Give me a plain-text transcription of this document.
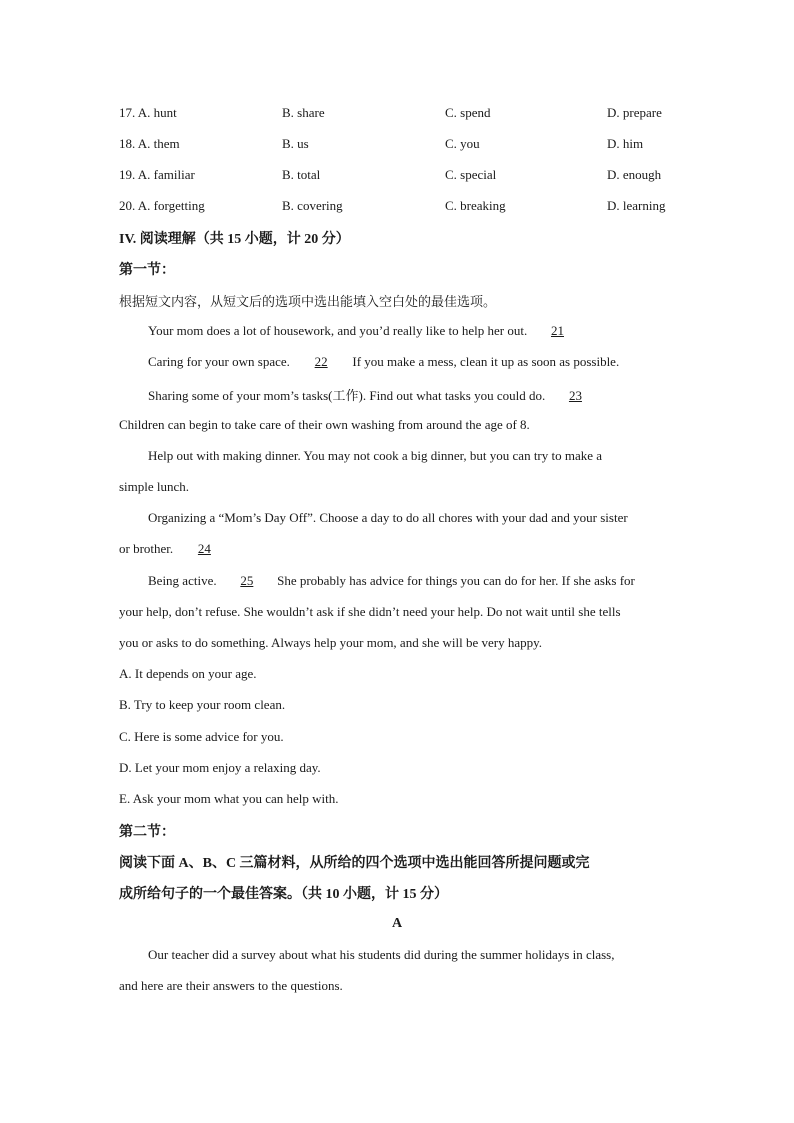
17. A. hunt	B. share	C. spend	D. prepare
18. A. them	B. us	C. you	D. him
19. A. familiar	B. total	C. special	D. enough
20. A. forgetting	B. covering	C. breaking	D. learning
IV. 阅读理解（共 15 小题，计 20 分）
第一节：
根据短文内容，从短文后的选项中选出能填入空白处的最佳选项。
Your mom does a lot of housework, and you’d really like to help her out. 21
Caring for your own space. 22 If you make a mess, clean it up as soon as possible.
Sharing some of your mom’s tasks(工作). Find out what tasks you could do. 23
Children can begin to take care of their own washing from around the age of 8.
Help out with making dinner. You may not cook a big dinner, but you can try to make a
simple lunch.
Organizing a “Mom’s Day Off”. Choose a day to do all chores with your dad and your sister
or brother. 24
Being active. 25 She probably has advice for things you can do for her. If she asks for
your help, don’t refuse. She wouldn’t ask if she didn’t need your help. Do not wait until she tells
you or asks to do something. Always help your mom, and she will be very happy.
A. It depends on your age.
B. Try to keep your room clean.
C. Here is some advice for you.
D. Let your mom enjoy a relaxing day.
E. Ask your mom what you can help with.
第二节：
阅读下面 A、B、C 三篇材料，从所给的四个选项中选出能回答所提问题或完
成所给句子的一个最佳答案。（共 10 小题，计 15 分）
A
Our teacher did a survey about what his students did during the summer holidays in class,
and here are their answers to the questions.
